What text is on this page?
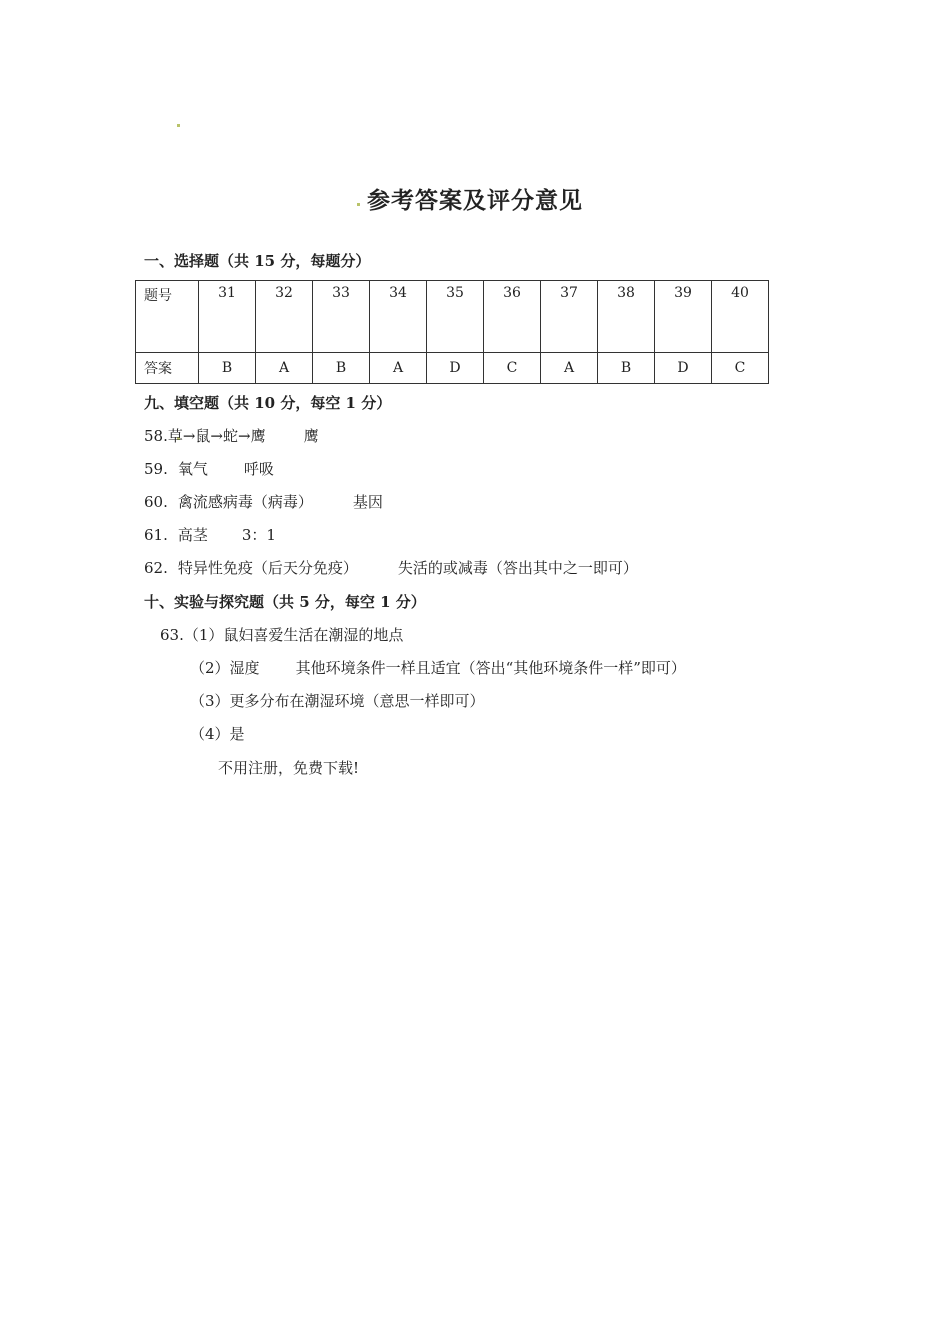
参考答案及评分意见

一、选择题（共 15 分，每题分）

题号	31	32	33	34	35	36	37	38	39	40
答案	B	A	B	A	D	C	A	B	D	C

九、填空题（共 10 分，每空 1 分）

58.草→鼠→蛇→鹰	鹰

59. 氧气 呼吸

60. 禽流感病毒（病毒）	基因

61. 高茎 3：1

62. 特异性免疫（后天分免疫）	失活的或减毒（答出其中之一即可）

十、实验与探究题（共 5 分，每空 1 分）

63.（1）鼠妇喜爱生活在潮湿的地点

（2）湿度 其他环境条件一样且适宜（答出“其他环境条件一样”即可）

（3）更多分布在潮湿环境（意思一样即可）

（4）是

不用注册，免费下载!
